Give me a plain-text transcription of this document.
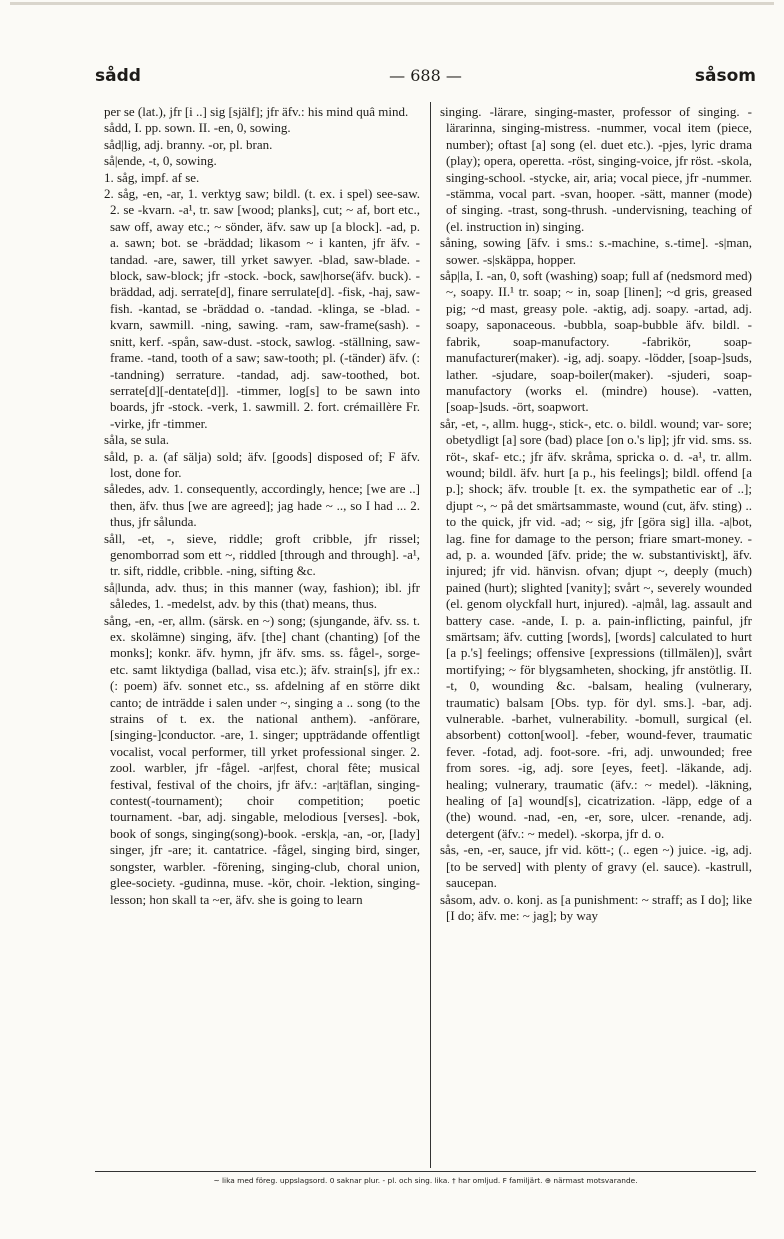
sådd	— 688 —	såsom

per se (lat.), jfr [i ..] sig [själf]; jfr äfv.: his mind quâ mind.

sådd, I. pp. sown. II. -en, 0, sowing.

såd|lig, adj. branny. -or, pl. bran.

så|ende, -t, 0, sowing.

1. såg, impf. af se.

2. såg, -en, -ar, 1. verktyg saw; bildl. (t. ex. i spel) see-saw. 2. se -kvarn. -a¹, tr. saw [wood; planks], cut; ~ af, bort etc., saw off, away etc.; ~ sönder, äfv. saw up [a block]. -ad, p. a. sawn; bot. se -bräddad; likasom ~ i kanten, jfr äfv. -tandad. -are, sawer, till yrket sawyer. -blad, saw-blade. -block, saw-block; jfr -stock. -bock, saw|horse(äfv. buck). -bräddad, adj. serrate[d], finare serrulate[d]. -fisk, -haj, saw-fish. -kantad, se -bräddad o. -tandad. -klinga, se -blad. -kvarn, sawmill. -ning, sawing. -ram, saw-frame(sash). -snitt, kerf. -spån, saw-dust. -stock, sawlog. -ställning, saw-frame. -tand, tooth of a saw; saw-tooth; pl. (-tänder) äfv. (: -tandning) serrature. -tandad, adj. saw-toothed, bot. serrate[d][-dentate[d]]. -timmer, log[s] to be sawn into boards, jfr -stock. -verk, 1. sawmill. 2. fort. crémaillère Fr. -virke, jfr -timmer.

såla, se sula.

såld, p. a. (af sälja) sold; äfv. [goods] disposed of; F äfv. lost, done for.

således, adv. 1. consequently, accordingly, hence; [we are ..] then, äfv. thus [we are agreed]; jag hade ~ .., so I had ... 2. thus, jfr sålunda.

såll, -et, -, sieve, riddle; groft cribble, jfr rissel; genomborrad som ett ~, riddled [through and through]. -a¹, tr. sift, riddle, cribble. -ning, sifting &c.

så|lunda, adv. thus; in this manner (way, fashion); ibl. jfr således, 1. -medelst, adv. by this (that) means, thus.

sång, -en, -er, allm. (särsk. en ~) song; (sjungande, äfv. ss. t. ex. skolämne) singing, äfv. [the] chant (chanting) [of the monks]; konkr. äfv. hymn, jfr äfv. sms. ss. fågel-, sorge- etc. samt liktydiga (ballad, visa etc.); äfv. strain[s], jfr ex.: (: poem) äfv. sonnet etc., ss. afdelning af en större dikt canto; de inträdde i salen under ~, singing a .. song (to the strains of t. ex. the national anthem). -anförare, [singing-]conductor. -are, 1. singer; uppträdande offentligt vocalist, vocal performer, till yrket professional singer. 2. zool. warbler, jfr -fågel. -ar|fest, choral fête; musical festival, festival of the choirs, jfr äfv.: -ar|täflan, singing-contest(-tournament); choir competition; poetic tournament. -bar, adj. singable, melodious [verses]. -bok, book of songs, singing(song)-book. -ersk|a, -an, -or, [lady] singer, jfr -are; it. cantatrice. -fågel, singing bird, singer, songster, warbler. -förening, singing-club, choral union, glee-society. -gudinna, muse. -kör, choir. -lektion, singing-lesson; hon skall ta ~er, äfv. she is going to learn

singing. -lärare, singing-master, professor of singing. -lärarinna, singing-mistress. -nummer, vocal item (piece, number); oftast [a] song (el. duet etc.). -pjes, lyric drama (play); opera, operetta. -röst, singing-voice, jfr röst. -skola, singing-school. -stycke, air, aria; vocal piece, jfr -nummer. -stämma, vocal part. -svan, hooper. -sätt, manner (mode) of singing. -trast, song-thrush. -undervisning, teaching of (el. instruction in) singing.

såning, sowing [äfv. i sms.: s.-machine, s.-time]. -s|man, sower. -s|skäppa, hopper.

såp|la, I. -an, 0, soft (washing) soap; full af (nedsmord med) ~, soapy. II.¹ tr. soap; ~ in, soap [linen]; ~d gris, greased pig; ~d mast, greasy pole. -aktig, adj. soapy. -artad, adj. soapy, saponaceous. -bubbla, soap-bubble äfv. bildl. -fabrik, soap-manufactory. -fabrikör, soap-manufacturer(maker). -ig, adj. soapy. -lödder, [soap-]suds, lather. -sjudare, soap-boiler(maker). -sjuderi, soap-manufactory (works el. (mindre) house). -vatten, [soap-]suds. -ört, soapwort.

sår, -et, -, allm. hugg-, stick-, etc. o. bildl. wound; var- sore; obetydligt [a] sore (bad) place [on o.'s lip]; jfr vid. sms. ss. röt-, skaf- etc.; jfr äfv. skråma, spricka o. d. -a¹, tr. allm. wound; bildl. äfv. hurt [a p., his feelings]; bildl. offend [a p.]; shock; äfv. trouble [t. ex. the sympathetic ear of ..]; djupt ~, ~ på det smärtsammaste, wound (cut, äfv. sting) .. to the quick, jfr vid. -ad; ~ sig, jfr [göra sig] illa. -a|bot, lag. fine for damage to the person; friare smart-money. -ad, p. a. wounded [äfv. pride; the w. substantiviskt], äfv. injured; jfr vid. hänvisn. ofvan; djupt ~, deeply (much) pained (hurt); slighted [vanity]; svårt ~, severely wounded (el. genom olyckfall hurt, injured). -a|mål, lag. assault and battery case. -ande, I. p. a. pain-inflicting, painful, jfr smärtsam; äfv. cutting [words], [words] calculated to hurt [a p.'s] feelings; offensive [expressions (tillmälen)], svårt mortifying; ~ för blygsamheten, shocking, jfr anstötlig. II. -t, 0, wounding &c. -balsam, healing (vulnerary, traumatic) balsam [Obs. typ. för dyl. sms.]. -bar, adj. vulnerable. -barhet, vulnerability. -bomull, surgical (el. absorbent) cotton[wool]. -feber, wound-fever, traumatic fever. -fotad, adj. foot-sore. -fri, adj. unwounded; free from sores. -ig, adj. sore [eyes, feet]. -läkande, adj. healing; vulnerary, traumatic (äfv.: ~ medel). -läkning, healing of [a] wound[s], cicatrization. -läpp, edge of a (the) wound. -nad, -en, -er, sore, ulcer. -renande, adj. detergent (äfv.: ~ medel). -skorpa, jfr d. o.

sås, -en, -er, sauce, jfr vid. kött-; (.. egen ~) juice. -ig, adj. [to be served] with plenty of gravy (el. sauce). -kastrull, saucepan.

såsom, adv. o. konj. as [a punishment: ~ straff; as I do]; like [I do; äfv. me: ~ jag]; by way

~ lika med föreg. uppslagsord. 0 saknar plur. - pl. och sing. lika. † har omljud. F familjärt. ⊕ närmast motsvarande.
